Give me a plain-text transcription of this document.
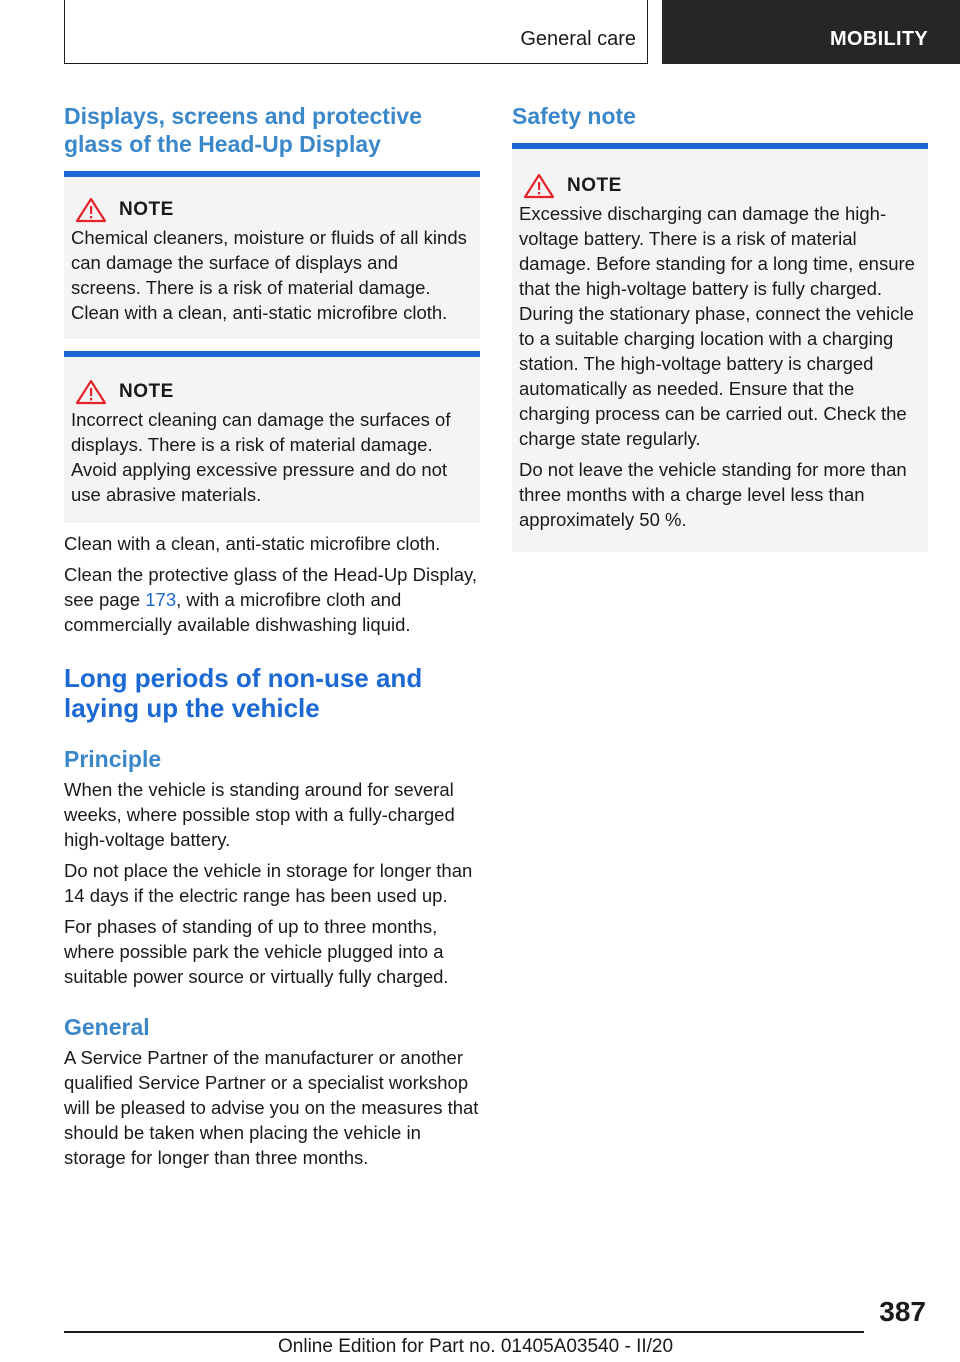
General care	MOBILITY
Displays, screens and protective glass of the Head-Up Display
NOTE

Chemical cleaners, moisture or fluids of all kinds can damage the surface of displays and screens. There is a risk of material damage. Clean with a clean, anti-static microfibre cloth.

NOTE

Incorrect cleaning can damage the surfaces of displays. There is a risk of material damage. Avoid applying excessive pressure and do not use abrasive materials.

Clean with a clean, anti-static microfibre cloth.

Clean the protective glass of the Head-Up Display, see page 173, with a microfibre cloth and commercially available dishwashing liquid.

Long periods of non-use and laying up the vehicle
Principle

When the vehicle is standing around for several weeks, where possible stop with a fully-charged high-voltage battery.

Do not place the vehicle in storage for longer than 14 days if the electric range has been used up.

For phases of standing of up to three months, where possible park the vehicle plugged into a suitable power source or virtually fully charged.

General

A Service Partner of the manufacturer or another qualified Service Partner or a specialist workshop will be pleased to advise you on the measures that should be taken when placing the vehicle in storage for longer than three months.

Safety note
NOTE

Excessive discharging can damage the high-voltage battery. There is a risk of material damage. Before standing for a long time, ensure that the high-voltage battery is fully charged. During the stationary phase, connect the vehicle to a suitable charging location with a charging station. The high-voltage battery is charged automatically as needed. Ensure that the charging process can be carried out. Check the charge state regularly.

Do not leave the vehicle standing for more than three months with a charge level less than approximately 50 %.

387
Online Edition for Part no. 01405A03540 - II/20
